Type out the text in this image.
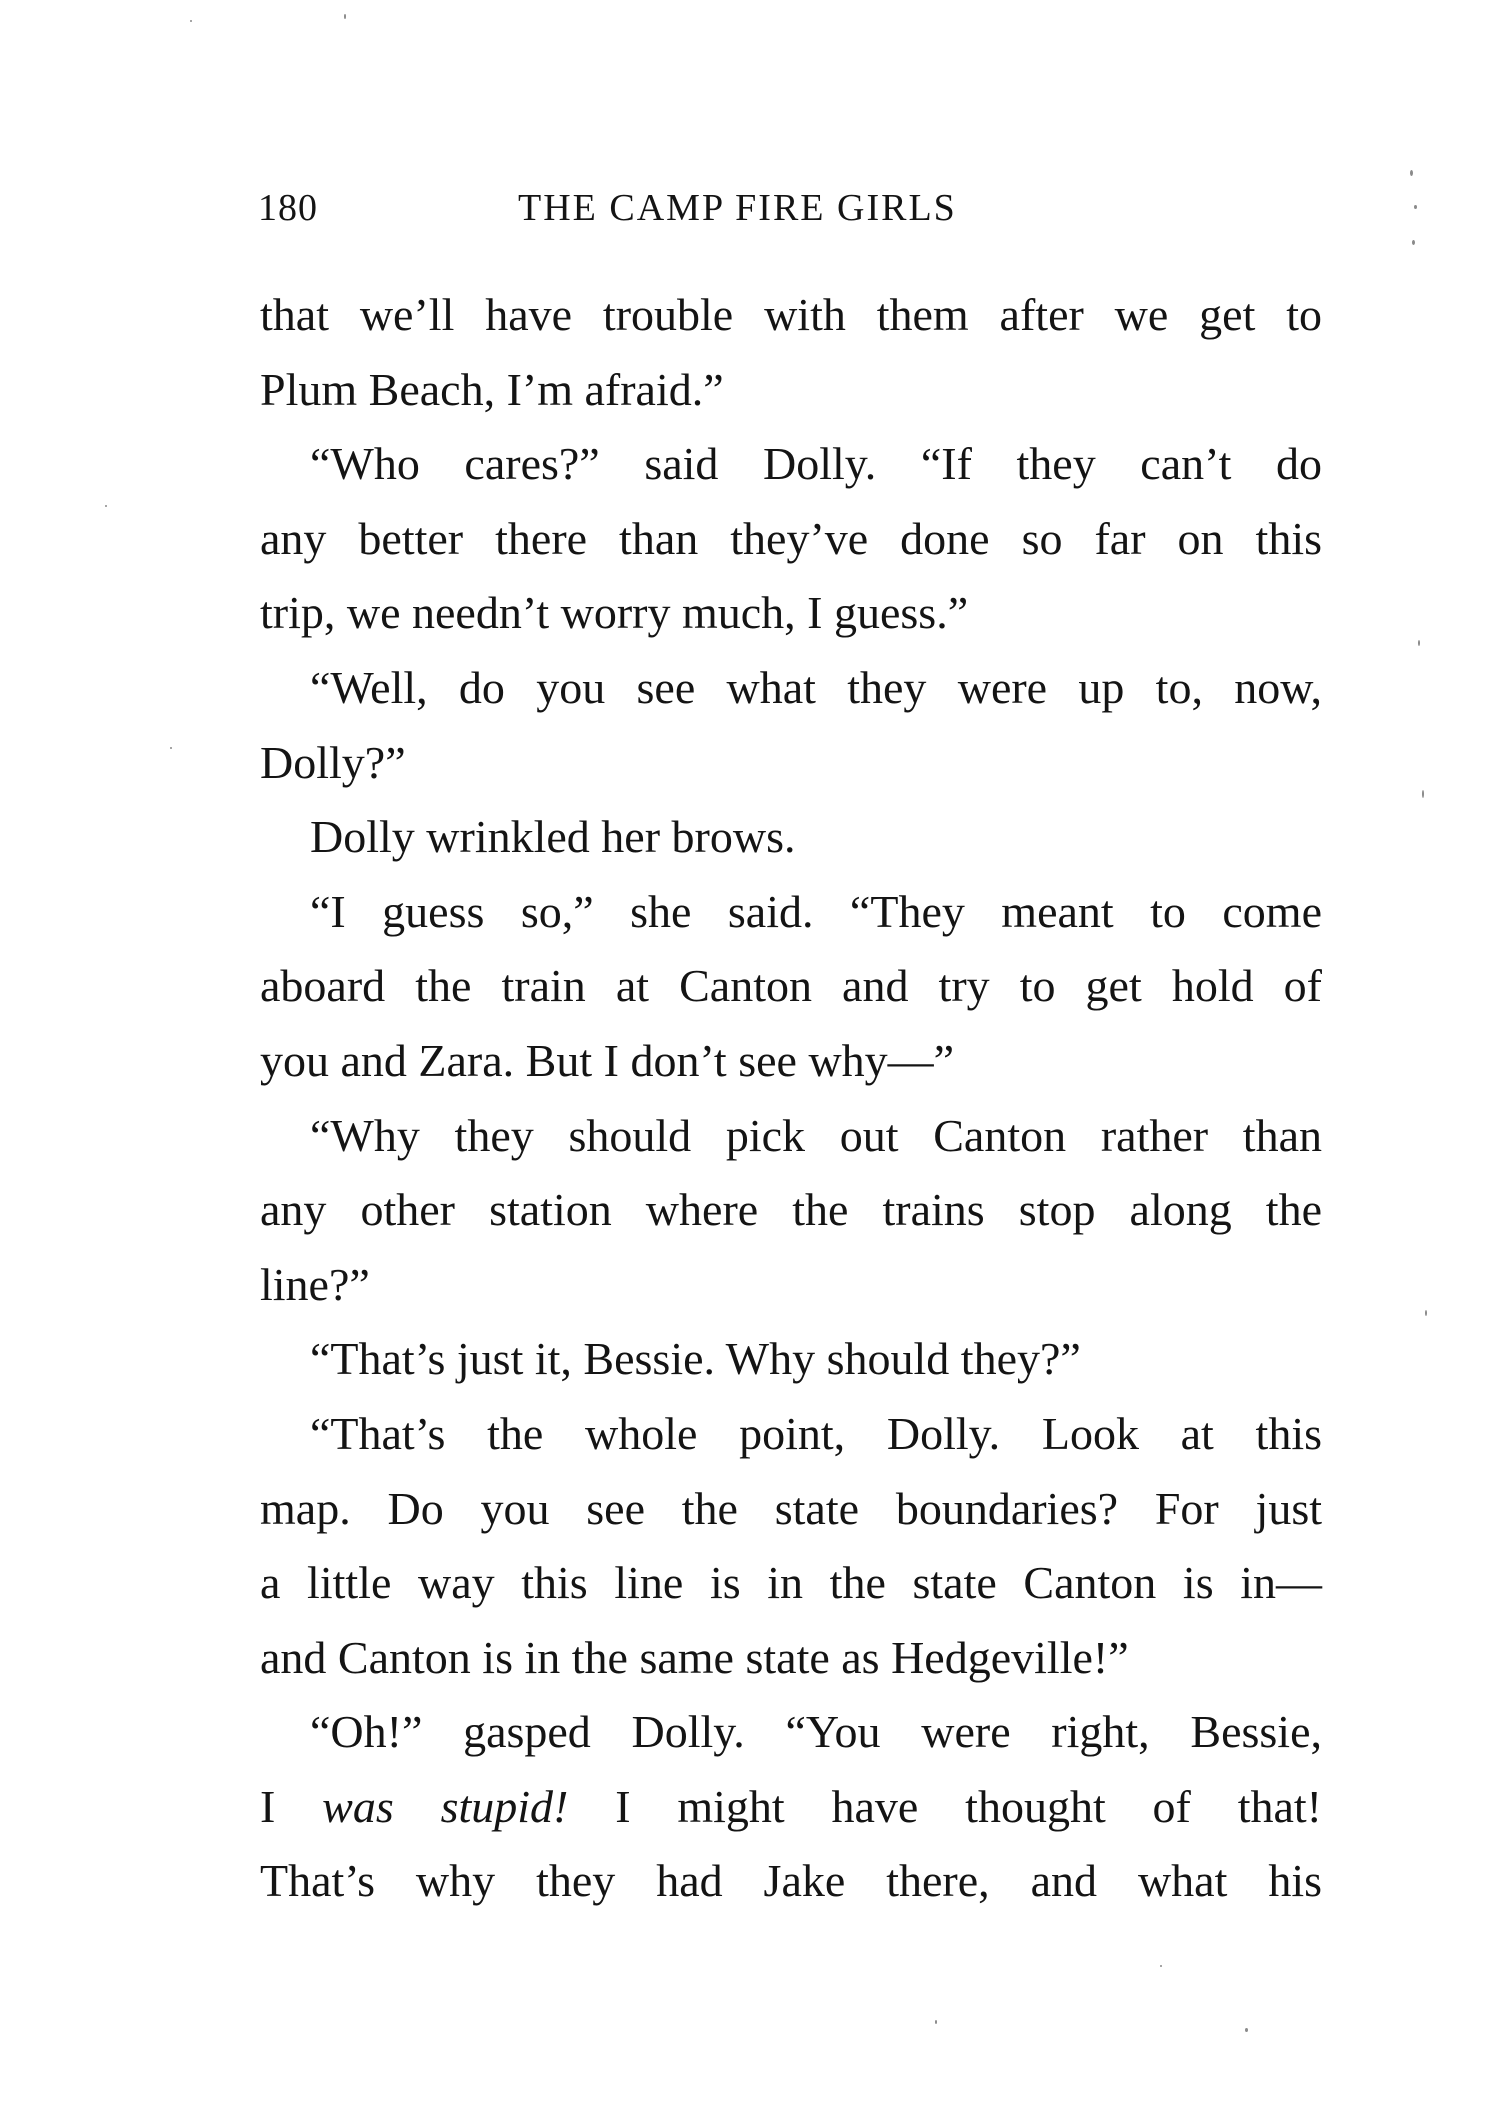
180	THE CAMP FIRE GIRLS
that we’ll have trouble with them after we get to
Plum Beach, I’m afraid.”
“Who cares?” said Dolly. “If they can’t do
any better there than they’ve done so far on this
trip, we needn’t worry much, I guess.”
“Well, do you see what they were up to, now,
Dolly?”
Dolly wrinkled her brows.
“I guess so,” she said. “They meant to come
aboard the train at Canton and try to get hold of
you and Zara. But I don’t see why—”
“Why they should pick out Canton rather than
any other station where the trains stop along the
line?”
“That’s just it, Bessie. Why should they?”
“That’s the whole point, Dolly. Look at this
map. Do you see the state boundaries? For just
a little way this line is in the state Canton is in—
and Canton is in the same state as Hedgeville!”
“Oh!” gasped Dolly. “You were right, Bessie,
I was stupid! I might have thought of that!
That’s why they had Jake there, and what his
